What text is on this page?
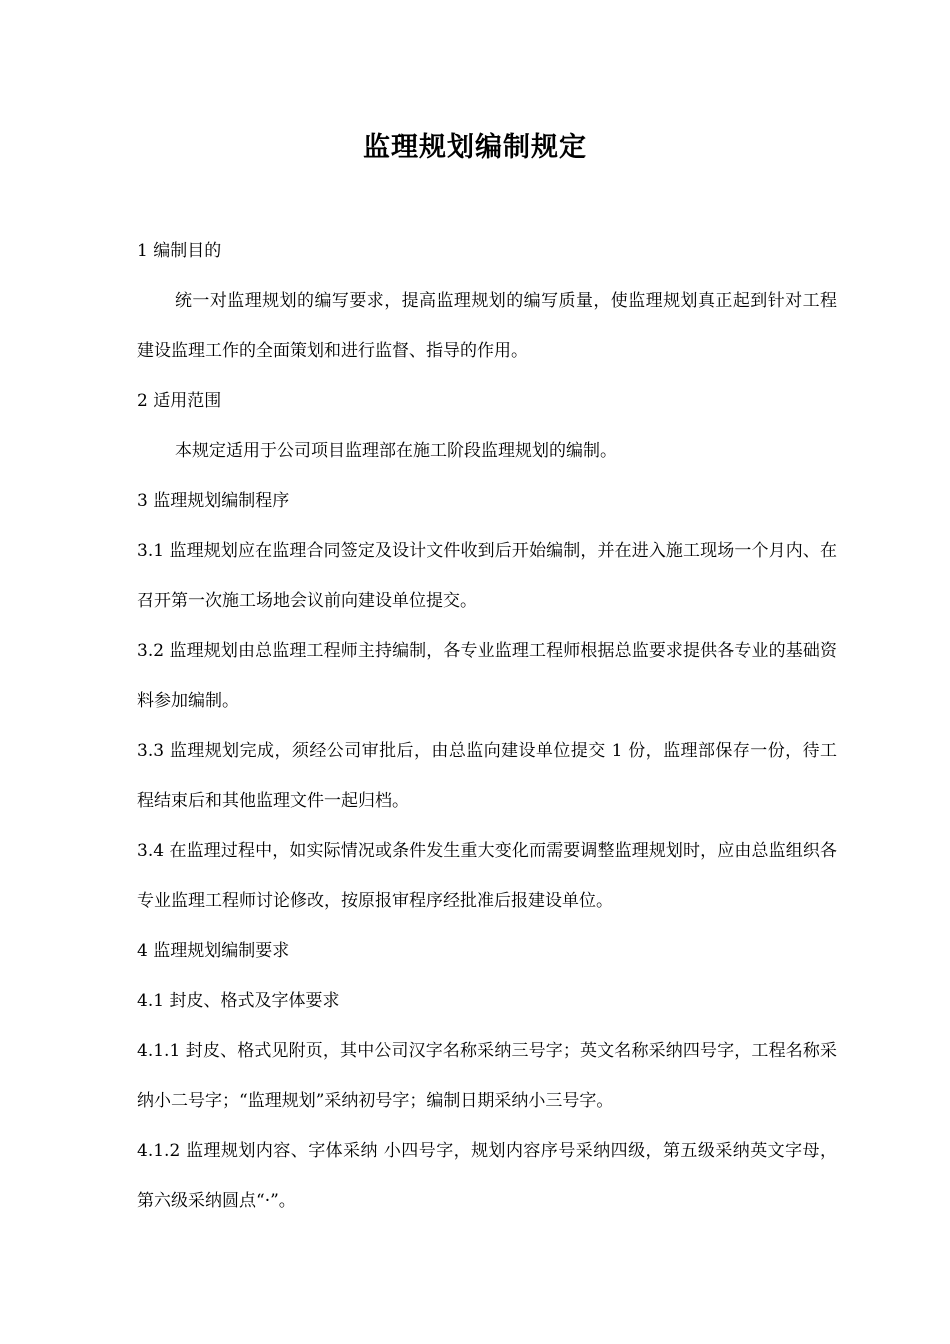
监理规划编制规定

1 编制目的

统一对监理规划的编写要求，提高监理规划的编写质量，使监理规划真正起到针对工程建设监理工作的全面策划和进行监督、指导的作用。

2 适用范围

本规定适用于公司项目监理部在施工阶段监理规划的编制。

3 监理规划编制程序

3.1 监理规划应在监理合同签定及设计文件收到后开始编制，并在进入施工现场一个月内、在召开第一次施工场地会议前向建设单位提交。

3.2 监理规划由总监理工程师主持编制，各专业监理工程师根据总监要求提供各专业的基础资料参加编制。

3.3 监理规划完成，须经公司审批后，由总监向建设单位提交 1 份，监理部保存一份，待工程结束后和其他监理文件一起归档。

3.4 在监理过程中，如实际情况或条件发生重大变化而需要调整监理规划时，应由总监组织各专业监理工程师讨论修改，按原报审程序经批准后报建设单位。

4 监理规划编制要求

4.1 封皮、格式及字体要求

4.1.1 封皮、格式见附页，其中公司汉字名称采纳三号字；英文名称采纳四号字，工程名称采纳小二号字；“监理规划”采纳初号字；编制日期采纳小三号字。

4.1.2 监理规划内容、字体采纳 小四号字，规划内容序号采纳四级，第五级采纳英文字母，第六级采纳圆点“·”。
